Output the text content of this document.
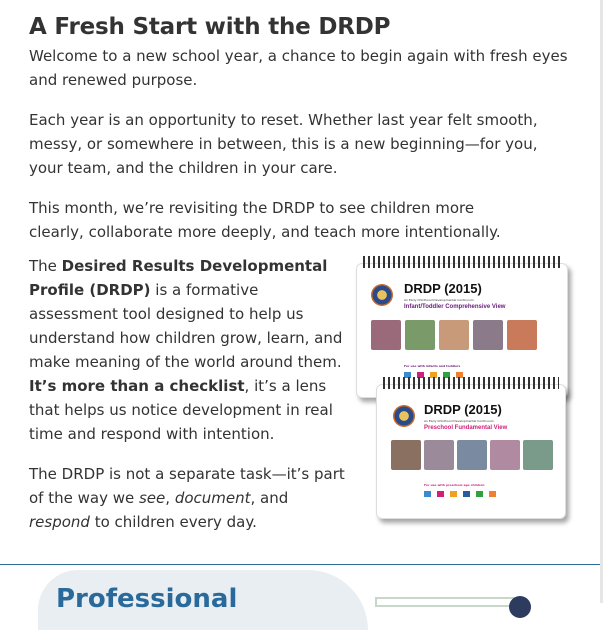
A Fresh Start with the DRDP

Welcome to a new school year, a chance to begin again with fresh eyes and renewed purpose.

Each year is an opportunity to reset. Whether last year felt smooth, messy, or somewhere in between, this is a new beginning—for you, your team, and the children in your care.

This month, we’re revisiting the DRDP to see children more clearly, collaborate more deeply, and teach more intentionally.

The Desired Results Developmental Profile (DRDP) is a formative assessment tool designed to help us understand how children grow, learn, and make meaning of the world around them. It’s more than a checklist, it’s a lens that helps us notice development in real time and respond with intention.

The DRDP is not a separate task—it’s part of the way we see, document, and respond to children every day.

DRDP (2015)
An Early Childhood Developmental Continuum
Infant/Toddler Comprehensive View
For use with infants and toddlers
DRDP (2015)
An Early Childhood Developmental Continuum
Preschool Fundamental View
For use with preschool age children
Professional
